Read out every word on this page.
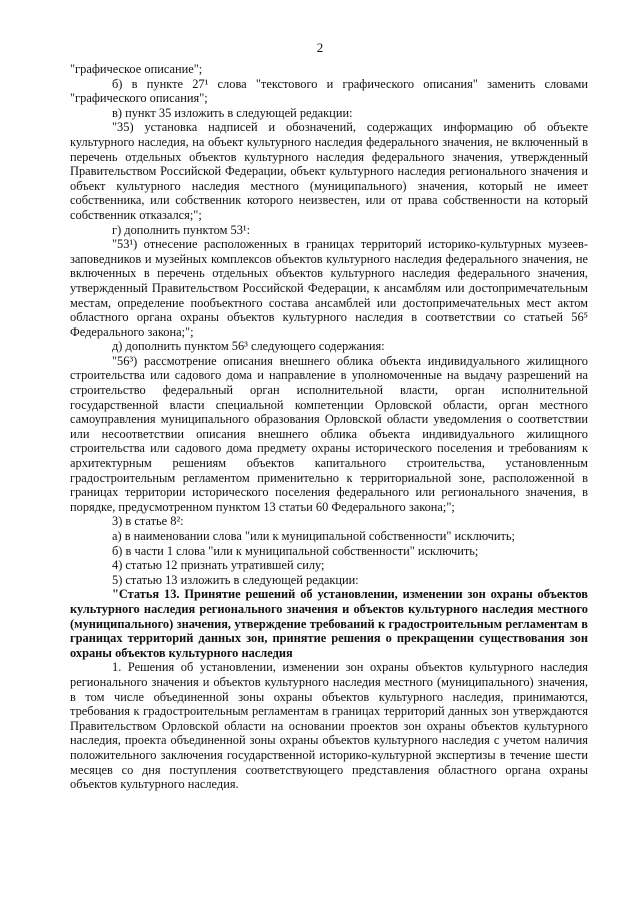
2

"графическое описание";

б) в пункте 27¹ слова "текстового и графического описания" заменить словами "графического описания";

в) пункт 35 изложить в следующей редакции:

"35) установка надписей и обозначений, содержащих информацию об объекте культурного наследия, на объект культурного наследия федерального значения, не включенный в перечень отдельных объектов культурного наследия федерального значения, утвержденный Правительством Российской Федерации, объект культурного наследия регионального значения и объект культурного наследия местного (муниципального) значения, который не имеет собственника, или собственник которого неизвестен, или от права собственности на который собственник отказался;";

г) дополнить пунктом 53¹:

"53¹) отнесение расположенных в границах территорий историко-культурных музеев-заповедников и музейных комплексов объектов культурного наследия федерального значения, не включенных в перечень отдельных объектов культурного наследия федерального значения, утвержденный Правительством Российской Федерации, к ансамблям или достопримечательным местам, определение пообъектного состава ансамблей или достопримечательных мест актом областного органа охраны объектов культурного наследия в соответствии со статьей 56⁵ Федерального закона;";

д) дополнить пунктом 56³ следующего содержания:

"56³) рассмотрение описания внешнего облика объекта индивидуального жилищного строительства или садового дома и направление в уполномоченные на выдачу разрешений на строительство федеральный орган исполнительной власти, орган исполнительной государственной власти специальной компетенции Орловской области, орган местного самоуправления муниципального образования Орловской области уведомления о соответствии или несоответствии описания внешнего облика объекта индивидуального жилищного строительства или садового дома предмету охраны исторического поселения и требованиям к архитектурным решениям объектов капитального строительства, установленным градостроительным регламентом применительно к территориальной зоне, расположенной в границах территории исторического поселения федерального или регионального значения, в порядке, предусмотренном пунктом 13 статьи 60 Федерального закона;";

3) в статье 8²:

а) в наименовании слова "или к муниципальной собственности" исключить;

б) в части 1 слова "или к муниципальной собственности" исключить;

4) статью 12 признать утратившей силу;

5) статью 13 изложить в следующей редакции:

"Статья 13. Принятие решений об установлении, изменении зон охраны объектов культурного наследия регионального значения и объектов культурного наследия местного (муниципального) значения, утверждение требований к градостроительным регламентам в границах территорий данных зон, принятие решения о прекращении существования зон охраны объектов культурного наследия

1. Решения об установлении, изменении зон охраны объектов культурного наследия регионального значения и объектов культурного наследия местного (муниципального) значения, в том числе объединенной зоны охраны объектов культурного наследия, принимаются, требования к градостроительным регламентам в границах территорий данных зон утверждаются Правительством Орловской области на основании проектов зон охраны объектов культурного наследия, проекта объединенной зоны охраны объектов культурного наследия с учетом наличия положительного заключения государственной историко-культурной экспертизы в течение шести месяцев со дня поступления соответствующего представления областного органа охраны объектов культурного наследия.
